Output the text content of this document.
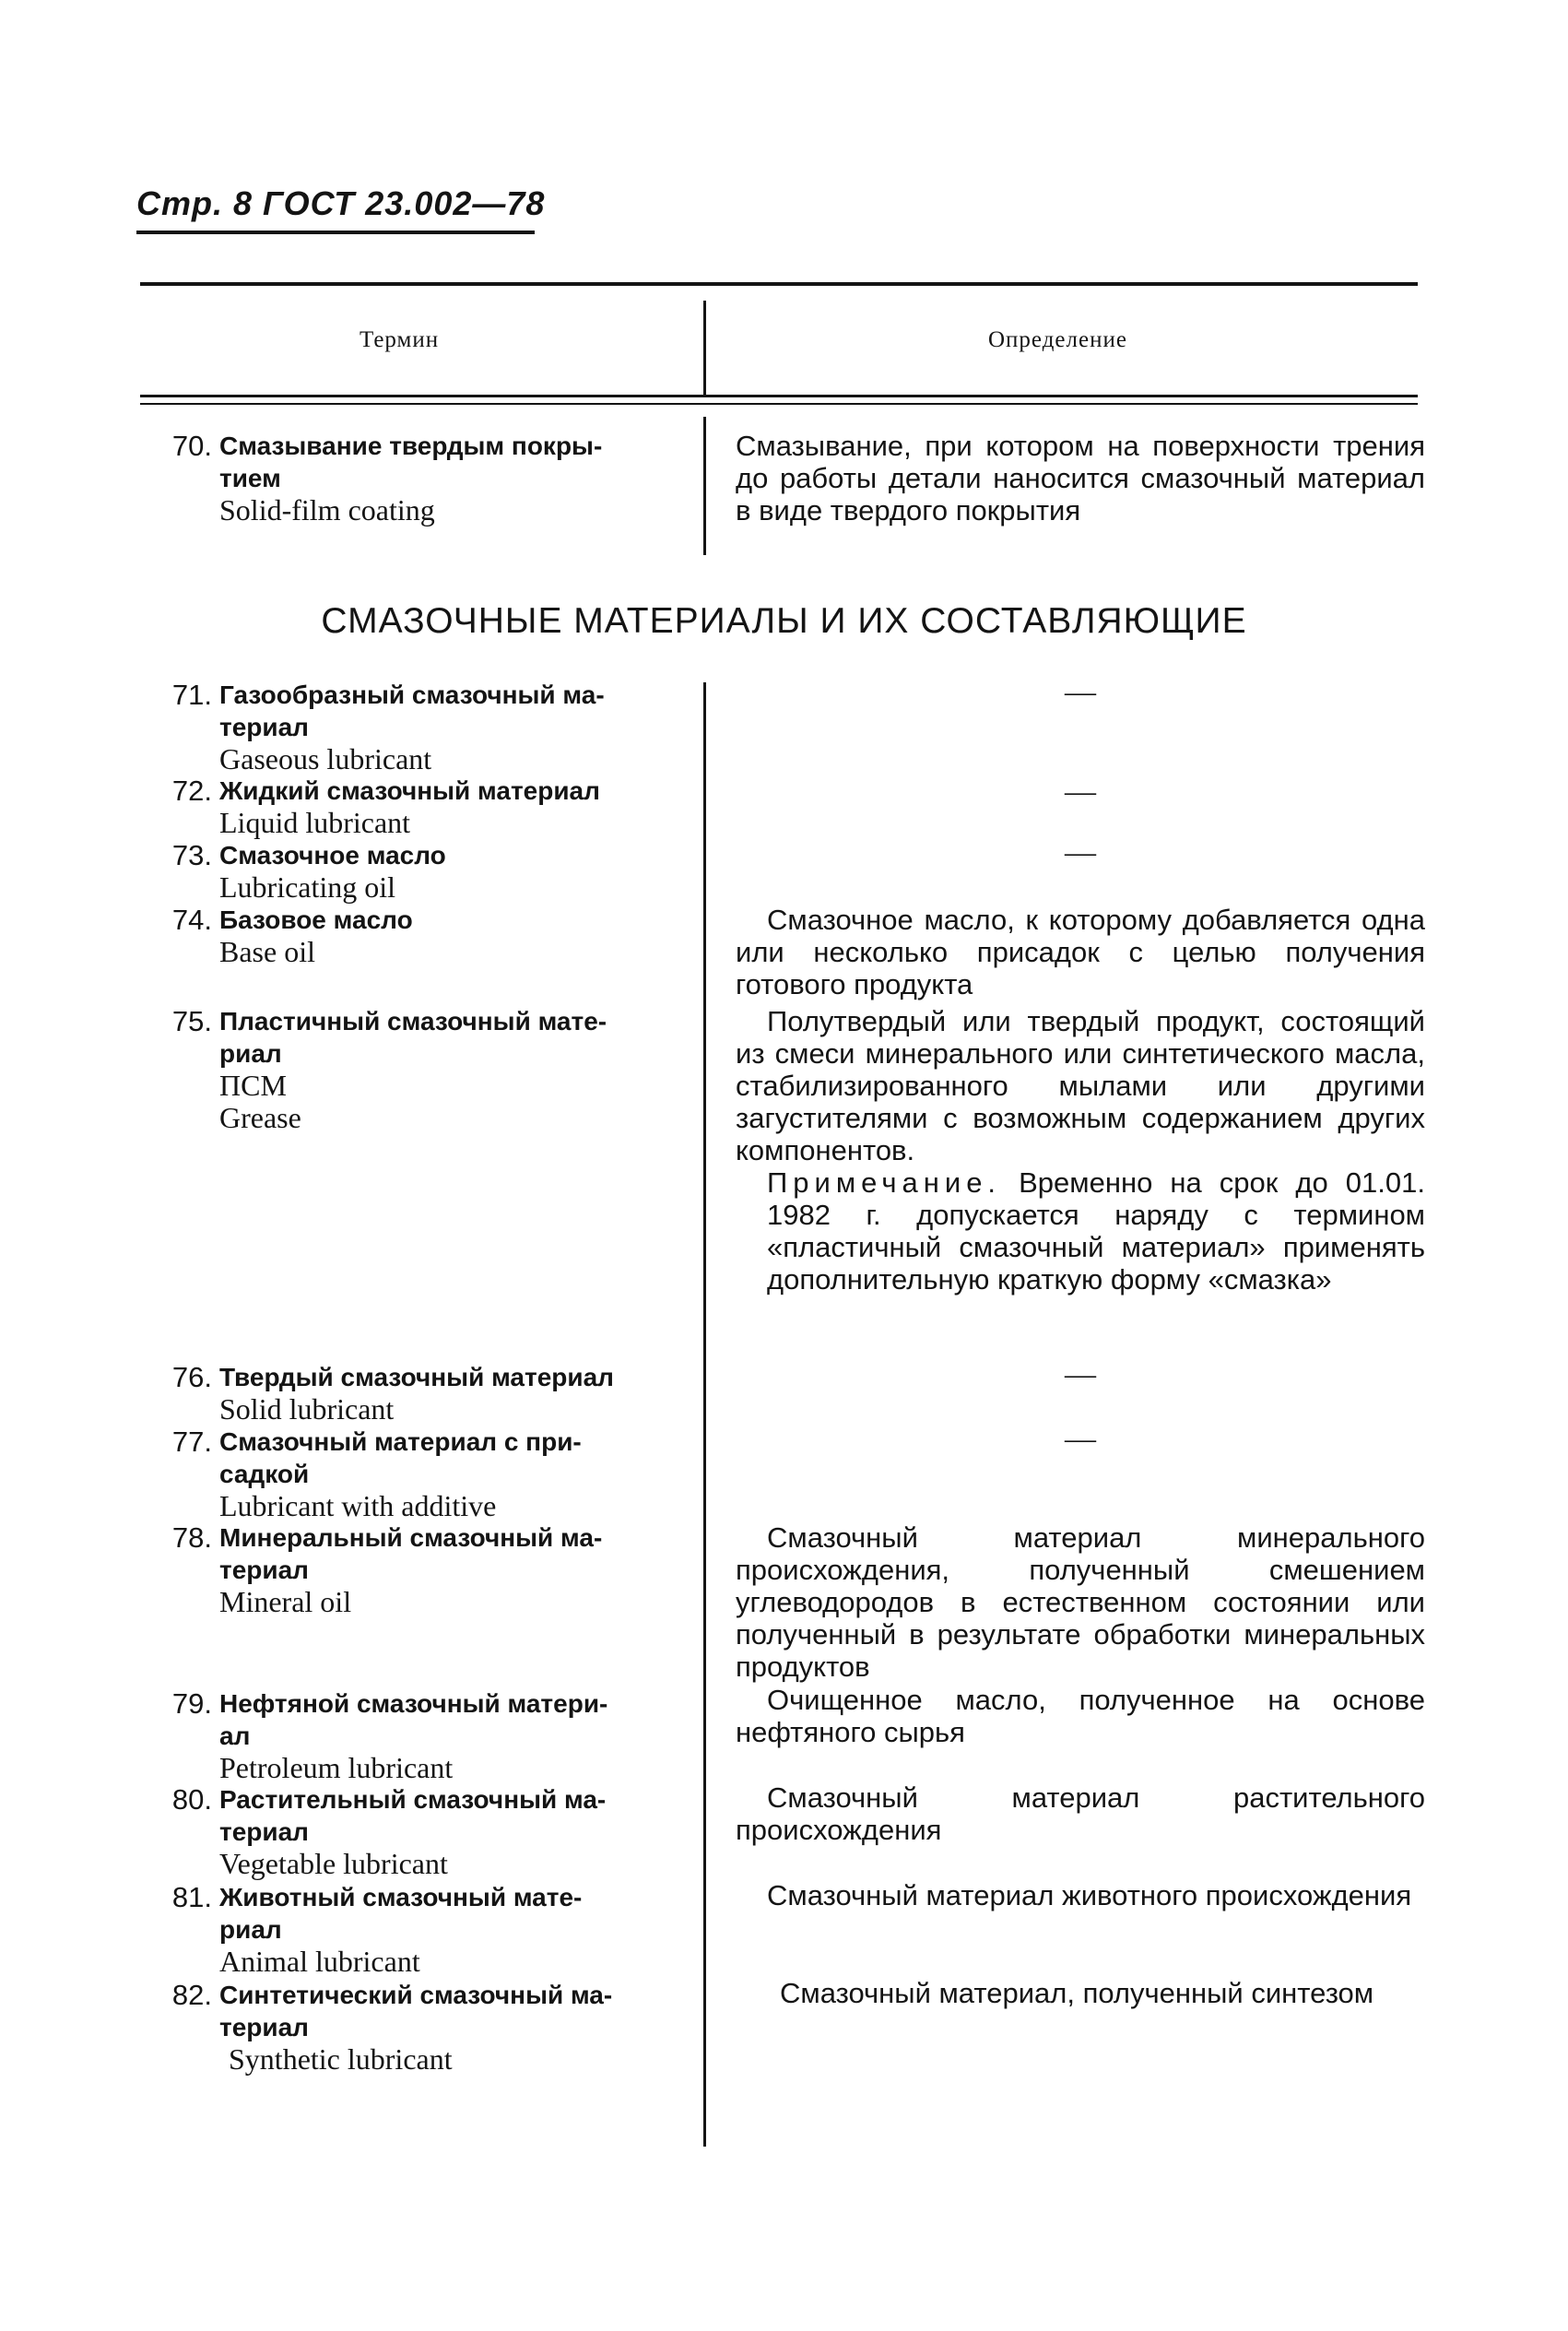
Стр. 8 ГОСТ 23.002—78
Термин	Определение
70. Смазывание твердым покры-
тием
Solid-film coating
Смазывание, при котором на поверхности трения до работы детали наносится смазочный материал в виде твердого покрытия
СМАЗОЧНЫЕ МАТЕРИАЛЫ И ИХ СОСТАВЛЯЮЩИЕ
71. Газообразный смазочный ма-
териал
Gaseous lubricant
—
72. Жидкий смазочный материал
Liquid lubricant
—
73. Смазочное масло
Lubricating oil
—
74. Базовое масло
Base oil
Смазочное масло, к которому добавляется одна или несколько присадок с целью получения готового продукта
75. Пластичный смазочный мате-
риал
ПСМ
Grease
Полутвердый или твердый продукт, состоящий из смеси минерального или синтетического масла, стабилизированного мылами или другими загустителями с возможным содержанием других компонентов.
Примечание. Временно на срок до 01.01. 1982 г. допускается наряду с термином «пластичный смазочный материал» применять дополнительную краткую форму «смазка»
76. Твердый смазочный материал
Solid lubricant
—
77. Смазочный материал с при-
садкой
Lubricant with additive
—
78. Минеральный смазочный ма-
териал
Mineral oil
Смазочный материал минерального происхождения, полученный смешением углеводородов в естественном состоянии или полученный в результате обработки минеральных продуктов
79. Нефтяной смазочный матери-
ал
Petroleum lubricant
Очищенное масло, полученное на основе нефтяного сырья
80. Растительный смазочный ма-
териал
Vegetable lubricant
Смазочный материал растительного происхождения
81. Животный смазочный мате-
риал
Animal lubricant
Смазочный материал животного происхождения
82. Синтетический смазочный ма-
териал
Synthetic lubricant
Смазочный материал, полученный синтезом
